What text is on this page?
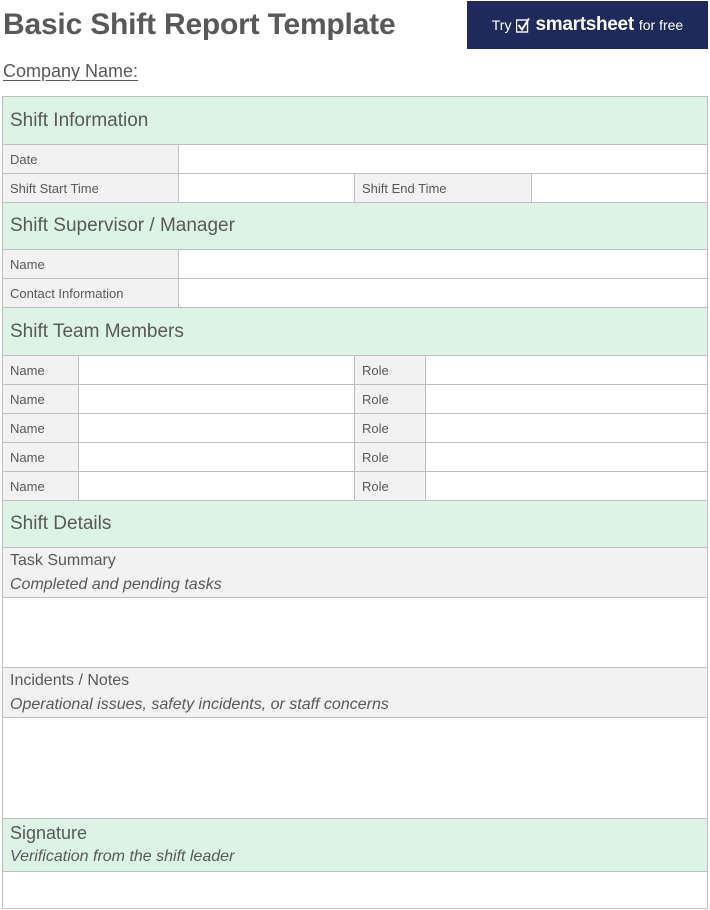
Basic Shift Report Template	Try smartsheet for free
Company Name:
Shift Information
Date
Shift Start Time	Shift End Time
Shift Supervisor / Manager
Name
Contact Information
Shift Team Members
Name	Role
Name	Role
Name	Role
Name	Role
Name	Role
Shift Details
Task Summary
Completed and pending tasks
Incidents / Notes
Operational issues, safety incidents, or staff concerns
Signature
Verification from the shift leader
